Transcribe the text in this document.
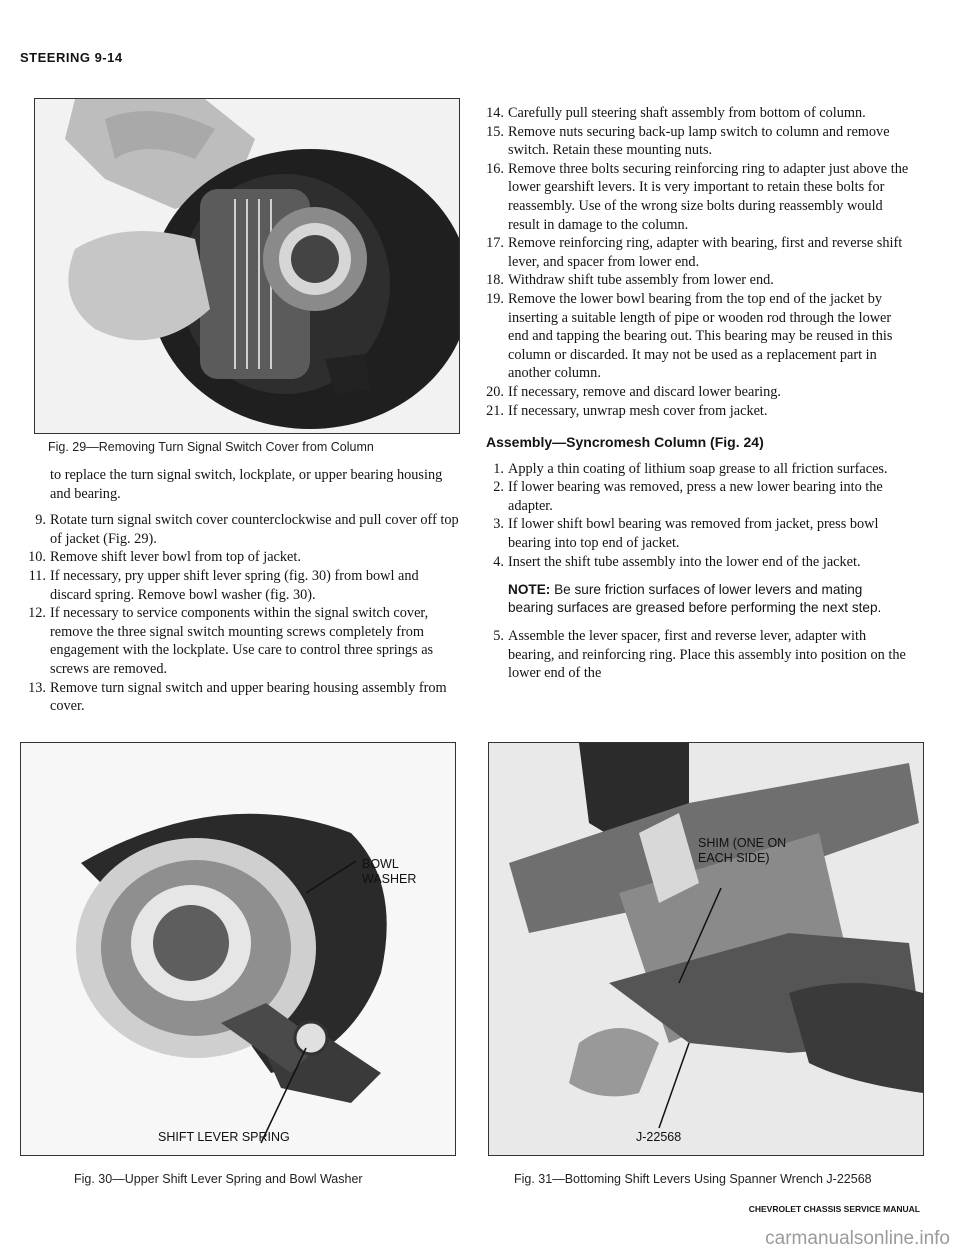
STEERING 9-14
Fig. 29—Removing Turn Signal Switch Cover from Column

to replace the turn signal switch, lockplate, or upper bearing housing and bearing.

9. Rotate turn signal switch cover counterclockwise and pull cover off top of jacket (Fig. 29).
10. Remove shift lever bowl from top of jacket.
11. If necessary, pry upper shift lever spring (fig. 30) from bowl and discard spring. Remove bowl washer (fig. 30).
12. If necessary to service components within the signal switch cover, remove the three signal switch mounting screws completely from engagement with the lockplate. Use care to control three springs as screws are removed.
13. Remove turn signal switch and upper bearing housing assembly from cover.
14. Carefully pull steering shaft assembly from bottom of column.
15. Remove nuts securing back-up lamp switch to column and remove switch. Retain these mounting nuts.
16. Remove three bolts securing reinforcing ring to adapter just above the lower gearshift levers. It is very important to retain these bolts for reassembly. Use of the wrong size bolts during reassembly would result in damage to the column.
17. Remove reinforcing ring, adapter with bearing, first and reverse shift lever, and spacer from lower end.
18. Withdraw shift tube assembly from lower end.
19. Remove the lower bowl bearing from the top end of the jacket by inserting a suitable length of pipe or wooden rod through the lower end and tapping the bearing out. This bearing may be reused in this column or discarded. It may not be used as a replacement part in another column.
20. If necessary, remove and discard lower bearing.
21. If necessary, unwrap mesh cover from jacket.

Assembly—Syncromesh Column (Fig. 24)

1. Apply a thin coating of lithium soap grease to all friction surfaces.
2. If lower bearing was removed, press a new lower bearing into the adapter.
3. If lower shift bowl bearing was removed from jacket, press bowl bearing into top end of jacket.
4. Insert the shift tube assembly into the lower end of the jacket.

NOTE: Be sure friction surfaces of lower levers and mating bearing surfaces are greased before performing the next step.

5. Assemble the lever spacer, first and reverse lever, adapter with bearing, and reinforcing ring. Place this assembly into position on the lower end of the
BOWL WASHER
SHIFT LEVER SPRING
Fig. 30—Upper Shift Lever Spring and Bowl Washer
SHIM (ONE ON EACH SIDE)
J-22568
Fig. 31—Bottoming Shift Levers Using Spanner Wrench J-22568
CHEVROLET CHASSIS SERVICE MANUAL
carmanualsonline.info
